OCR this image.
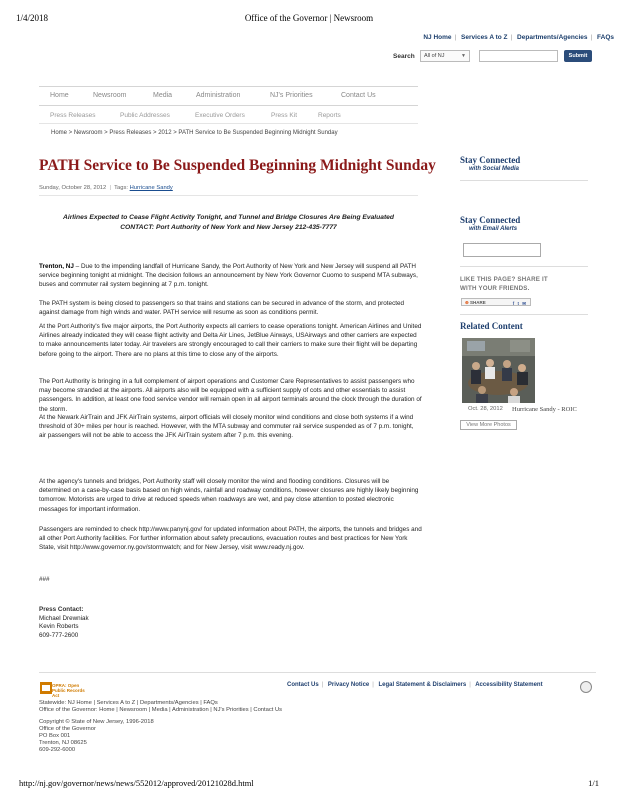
1/4/2018	Office of the Governor | Newsroom
NJ Home | Services A to Z | Departments/Agencies | FAQs
Search	All of NJ	▼	Submit
Home	Newsroom	Media	Administration	NJ's Priorities	Contact Us
Press Releases	Public Addresses	Executive Orders	Press Kit	Reports
Home > Newsroom > Press Releases > 2012 > PATH Service to Be Suspended Beginning Midnight Sunday
PATH Service to Be Suspended Beginning Midnight Sunday
Sunday, October 28, 2012  |  Tags: Hurricane Sandy
Airlines Expected to Cease Flight Activity Tonight, and Tunnel and Bridge Closures Are Being Evaluated
CONTACT: Port Authority of New York and New Jersey 212-435-7777

Trenton, NJ – Due to the impending landfall of Hurricane Sandy, the Port Authority of New York and New Jersey will suspend all PATH service beginning tonight at midnight. The decision follows an announcement by New York Governor Cuomo to suspend MTA subways, buses and commuter rail system beginning at 7 p.m. tonight.

The PATH system is being closed to passengers so that trains and stations can be secured in advance of the storm, and protected against damage from high winds and water. PATH service will resume as soon as conditions permit.

At the Port Authority's five major airports, the Port Authority expects all carriers to cease operations tonight. American Airlines and United Airlines already indicated they will cease flight activity and Delta Air Lines, JetBlue Airways, USAirways and other carriers are expected to make announcements later today. Air travelers are strongly encouraged to call their carriers to make sure their flight will be departing before going to the airport. There are no plans at this time to close any of the airports.

The Port Authority is bringing in a full complement of airport operations and Customer Care Representatives to assist passengers who may become stranded at the airports. All airports also will be equipped with a sufficient supply of cots and other essentials to assist passengers. In addition, at least one food service vendor will remain open in all airport terminals around the clock through the duration of the storm.

At the Newark AirTrain and JFK AirTrain systems, airport officials will closely monitor wind conditions and close both systems if a wind threshold of 30+ miles per hour is reached. However, with the MTA subway and commuter rail service suspended as of 7 p.m. tonight, air passengers will not be able to access the JFK AirTrain system after 7 p.m. this evening.

At the agency's tunnels and bridges, Port Authority staff will closely monitor the wind and flooding conditions. Closures will be determined on a case-by-case basis based on high winds, rainfall and roadway conditions, however closures are highly likely beginning tomorrow. Motorists are urged to drive at reduced speeds when roadways are wet, and pay close attention to posted electronic messages for important information.

Passengers are reminded to check http://www.panynj.gov/ for updated information about PATH, the airports, the tunnels and bridges and all other Port Authority facilities. For further information about safety precautions, evacuation routes and best practices for New York State, visit http://www.governor.ny.gov/stormwatch; and for New Jersey, visit www.ready.nj.gov.

###

Press Contact:
Michael Drewniak
Kevin Roberts
609-777-2600
Stay Connected
with Social Media
Stay Connected
with Email Alerts
LIKE THIS PAGE? SHARE IT
WITH YOUR FRIENDS.
⊕ SHARE	f t ✉
Related Content
Oct. 28, 2012 Hurricane Sandy - ROIC
View More Photos
OPRA: Open Public Records Act
Contact Us | Privacy Notice | Legal Statement & Disclaimers | Accessibility Statement
Statewide: NJ Home | Services A to Z | Departments/Agencies | FAQs
Office of the Governor: Home | Newsroom | Media | Administration | NJ's Priorities | Contact Us
Copyright © State of New Jersey, 1996-2018
Office of the Governor
PO Box 001
Trenton, NJ 08625
609-292-6000
http://nj.gov/governor/news/news/552012/approved/20121028d.html	1/1
